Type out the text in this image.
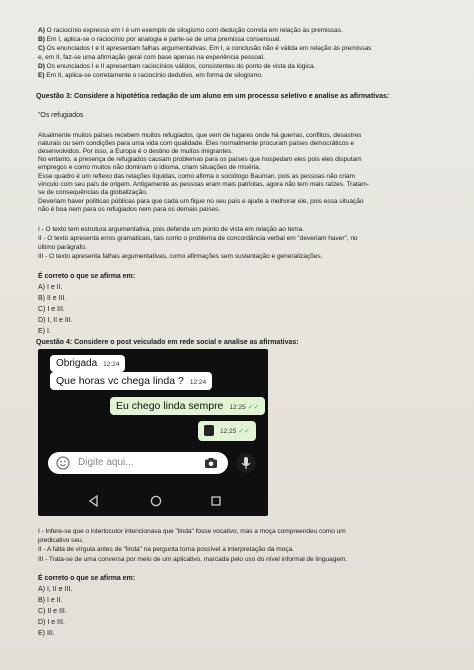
A) O raciocínio expresso em I é um exemplo de silogismo com dedução correta em relação às premissas.
B) Em I, aplica-se o raciocínio por analogia e parte-se de uma premissa consensual.
C) Os enunciados I e II apresentam falhas argumentativas. Em I, a conclusão não é válida em relação às premissas
e, em II, faz-se uma afirmação geral com base apenas na experiência pessoal.
D) Os enunciados I e II apresentam raciocínios válidos, consistentes do ponto de vista da lógica.
E) Em II, aplica-se corretamente o raciocínio dedutivo, em forma de silogismo.
Questão 3: Considere a hipotética redação de um aluno em um processo seletivo e analise as afirmativas:
"Os refugiados
Atualmente muitos países recebem muitos refugiados, que vem de lugares onde há guerras, conflitos, desastres
naturais ou sem condições para uma vida com qualidade. Eles normalmente procuram países democráticos e
desenvolvidos. Por isso, a Europa é o destino de muitos imigrantes.
No entanto, a presença de refugiados causam problemas para os países que hospedam eles pois eles disputam
empregos e como muitos não dominam o idioma, criam situações de miséria.
Esse quadro é um reflexo das relações líquidas, como afirma o sociólogo Bauman, pois as pessoas não criam
vínculo com seu país de origem. Antigamente as pessoas eram mais patriotas, agora não tem mais raízes. Tratam-
se de consequências da globalização.
Deveriam haver políticas públicas para que cada um fique no seu país e ajude a melhorar ele, pois essa situação
não é boa nem para os refugiados nem para os demais países.
I - O texto tem estrutura argumentativa, pois defende um ponto de vista em relação ao tema.
II - O texto apresenta erros gramaticais, tais como o problema de concordância verbal em "deveriam haver", no
último parágrafo.
III - O texto apresenta falhas argumentativas, como afirmações sem sustentação e generalizações.
É correto o que se afirma em:
A) I e II.
B) II e III.
C) I e III.
D) I, II e III.
E) I.
Questão 4: Considere o post veiculado em rede social e analise as afirmativas:
Obrigada 12:24
Que horas vc chega linda ? 12:24
Eu chego linda sempre 12:25 ✓✓
12:25 ✓✓
Digite aqui...
I - Infere-se que o interlocutor intencionava que "linda" fosse vocativo, mas a moça compreendeu como um
predicativo seu.
II - A falta de vírgula antes de "linda" na pergunta torna possível a interpretação da moça.
III - Trata-se de uma conversa por meio de um aplicativo, marcada pelo uso do nível informal de linguagem.
É correto o que se afirma em:
A) I, II e III.
B) I e II.
C) II e III.
D) I e III.
E) III.
